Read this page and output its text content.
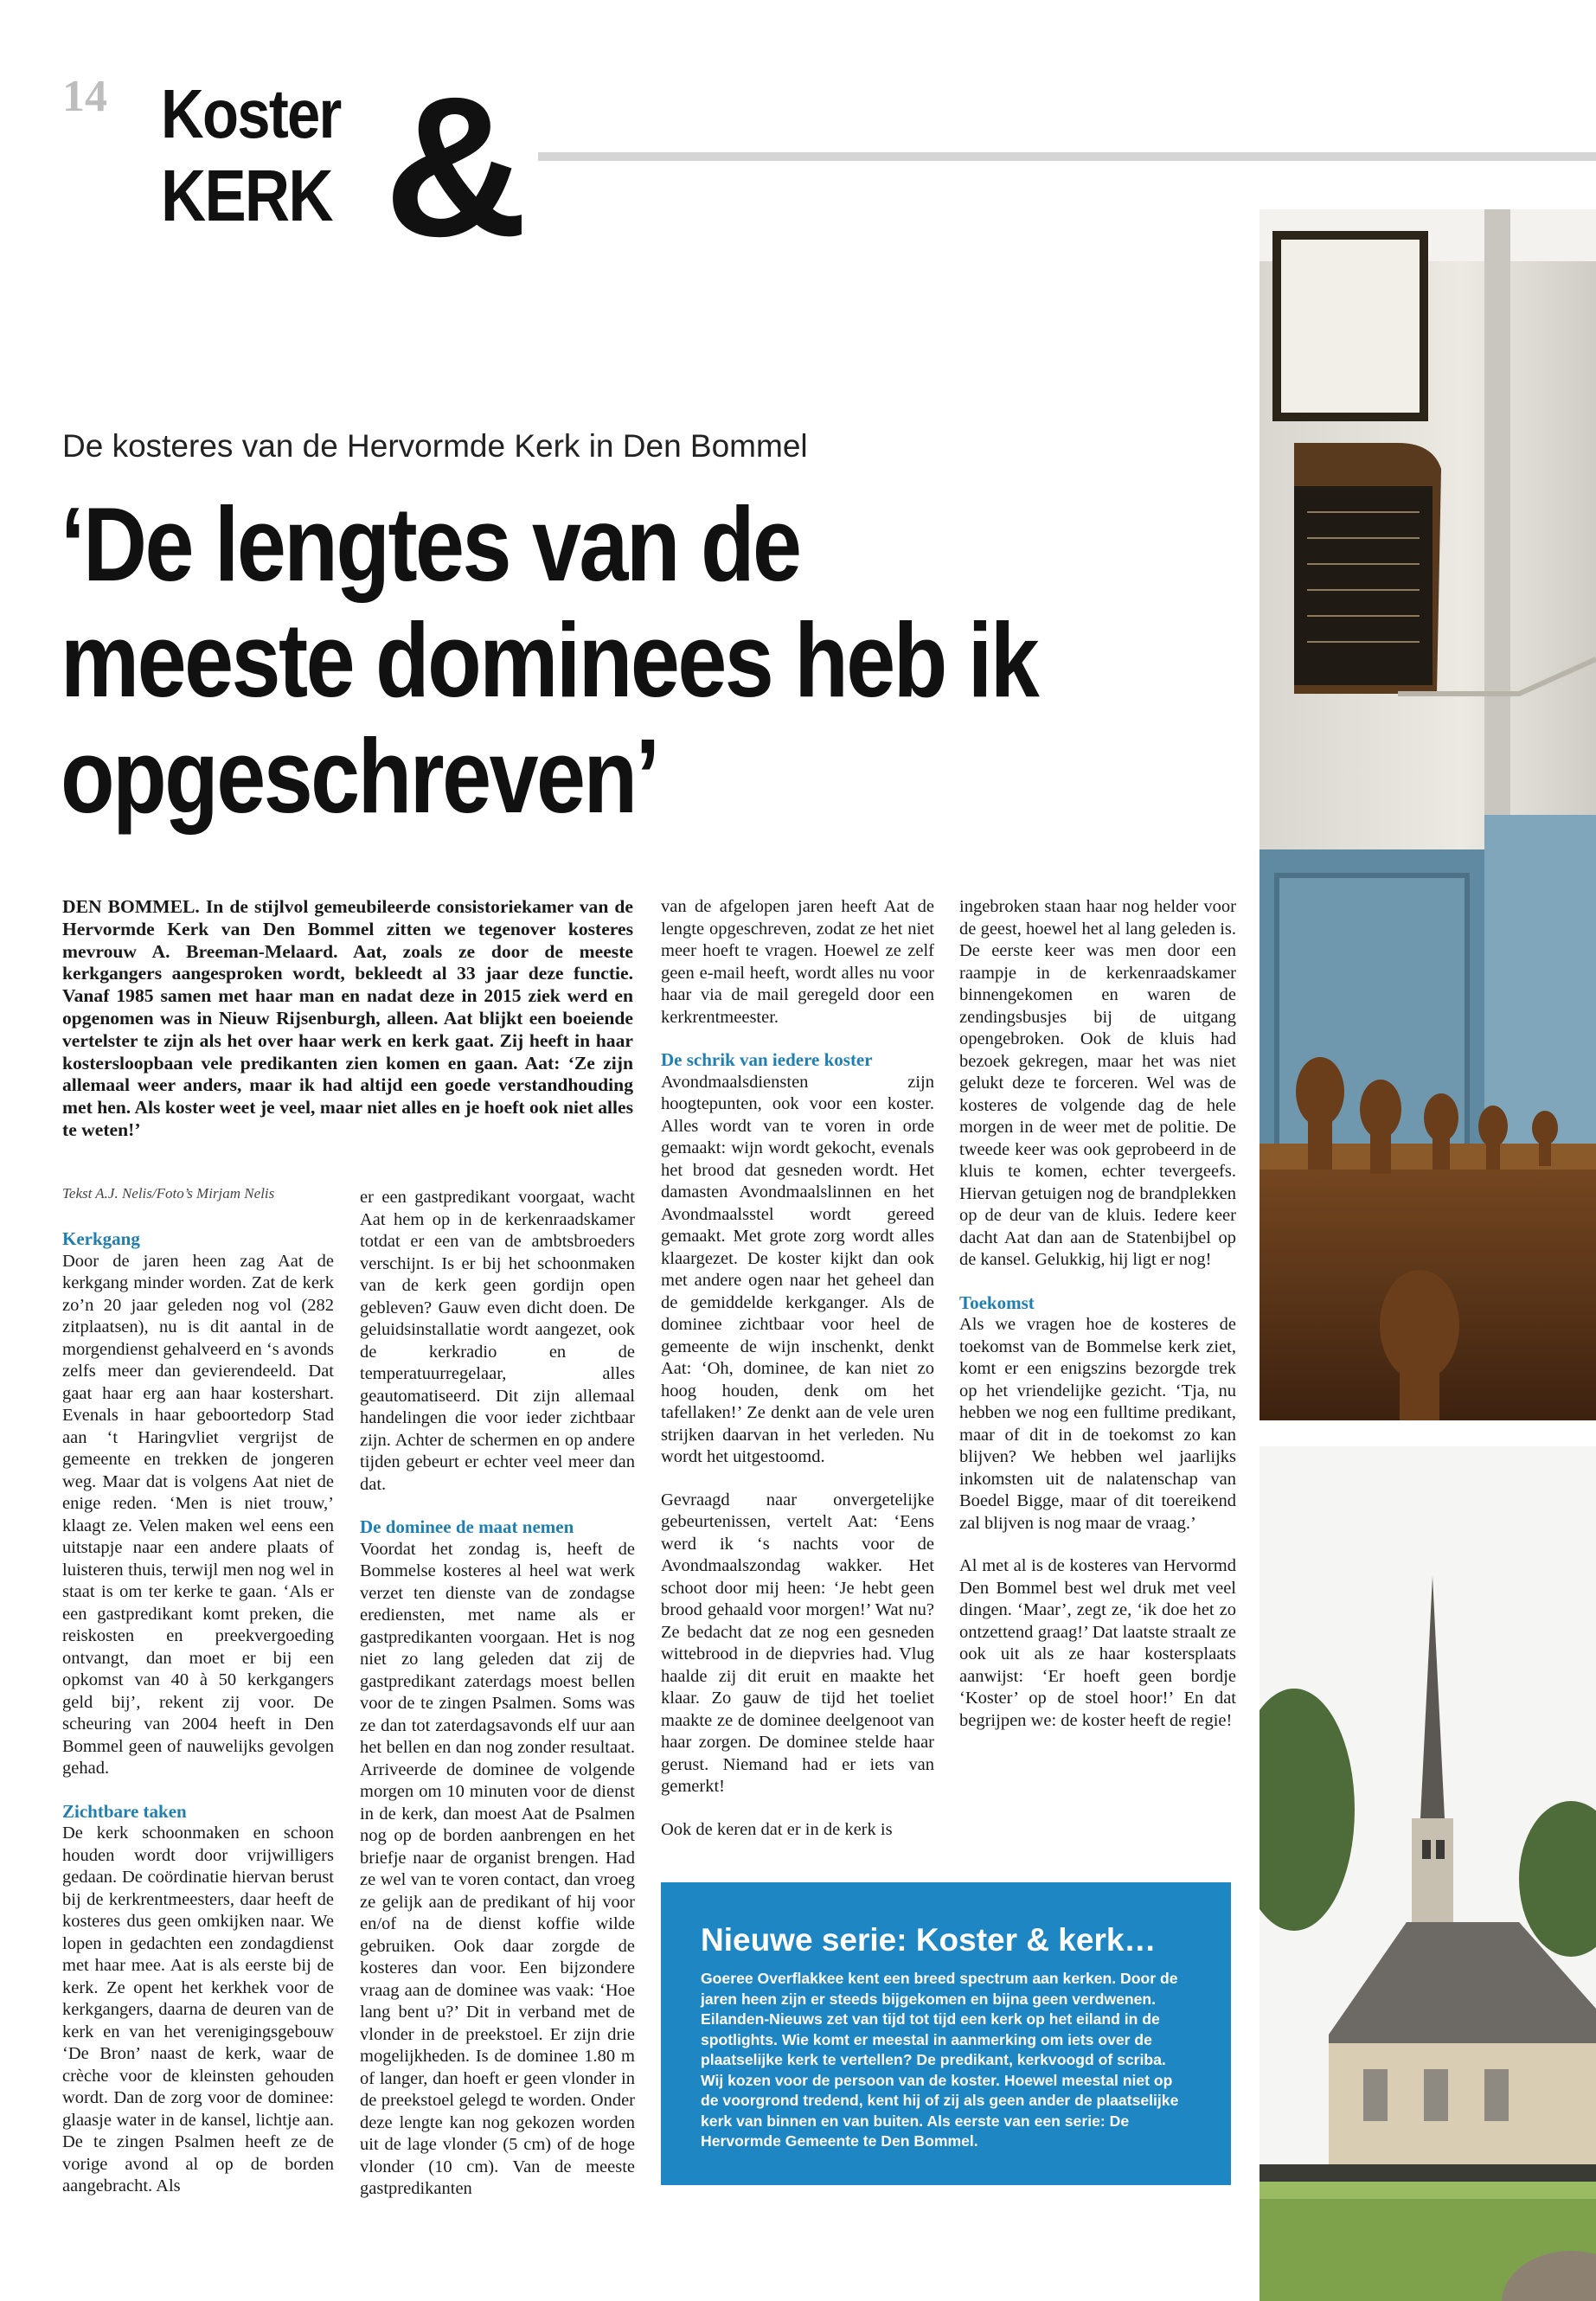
14 Koster
KERK &
De kosteres van de Hervormde Kerk in Den Bommel
‘De lengtes van de meeste dominees heb ik opgeschreven’
DEN BOMMEL. In de stijlvol gemeubileerde consistoriekamer van de Hervormde Kerk van Den Bommel zitten we tegenover kosteres mevrouw A. Breeman-Melaard. Aat, zoals ze door de meeste kerkgangers aangesproken wordt, bekleedt al 33 jaar deze functie. Vanaf 1985 samen met haar man en nadat deze in 2015 ziek werd en opgenomen was in Nieuw Rijsenburgh, alleen. Aat blijkt een boeiende vertelster te zijn als het over haar werk en kerk gaat. Zij heeft in haar kostersloopbaan vele predikanten zien komen en gaan. Aat: ‘Ze zijn allemaal weer anders, maar ik had altijd een goede verstandhouding met hen. Als koster weet je veel, maar niet alles en je hoeft ook niet alles te weten!’
Tekst A.J. Nelis/Foto’s Mirjam Nelis

Kerkgang

Door de jaren heen zag Aat de kerkgang minder worden. Zat de kerk zo’n 20 jaar geleden nog vol (282 zitplaatsen), nu is dit aantal in de morgendienst gehalveerd en ‘s avonds zelfs meer dan gevierendeeld. Dat gaat haar erg aan haar kostershart. Evenals in haar geboortedorp Stad aan ‘t Haringvliet vergrijst de gemeente en trekken de jongeren weg. Maar dat is volgens Aat niet de enige reden. ‘Men is niet trouw,’ klaagt ze. Velen maken wel eens een uitstapje naar een andere plaats of luisteren thuis, terwijl men nog wel in staat is om ter kerke te gaan. ‘Als er een gastpredikant komt preken, die reiskosten en preekvergoeding ontvangt, dan moet er bij een opkomst van 40 à 50 kerkgangers geld bij’, rekent zij voor. De scheuring van 2004 heeft in Den Bommel geen of nauwelijks gevolgen gehad.

Zichtbare taken

De kerk schoonmaken en schoon houden wordt door vrijwilligers gedaan. De coördinatie hiervan berust bij de kerkrentmeesters, daar heeft de kosteres dus geen omkijken naar. We lopen in gedachten een zondagdienst met haar mee. Aat is als eerste bij de kerk. Ze opent het kerkhek voor de kerkgangers, daarna de deuren van de kerk en van het verenigingsgebouw ‘De Bron’ naast de kerk, waar de crèche voor de kleinsten gehouden wordt. Dan de zorg voor de dominee: glaasje water in de kansel, lichtje aan. De te zingen Psalmen heeft ze de vorige avond al op de borden aangebracht. Als

er een gastpredikant voorgaat, wacht Aat hem op in de kerkenraadskamer totdat er een van de ambtsbroeders verschijnt. Is er bij het schoonmaken van de kerk geen gordijn open gebleven? Gauw even dicht doen. De geluidsinstallatie wordt aangezet, ook de kerkradio en de temperatuurregelaar, alles geautomatiseerd. Dit zijn allemaal handelingen die voor ieder zichtbaar zijn. Achter de schermen en op andere tijden gebeurt er echter veel meer dan dat.

De dominee de maat nemen

Voordat het zondag is, heeft de Bommelse kosteres al heel wat werk verzet ten dienste van de zondagse erediensten, met name als er gastpredikanten voorgaan. Het is nog niet zo lang geleden dat zij de gastpredikant zaterdags moest bellen voor de te zingen Psalmen. Soms was ze dan tot zaterdagsavonds elf uur aan het bellen en dan nog zonder resultaat. Arriveerde de dominee de volgende morgen om 10 minuten voor de dienst in de kerk, dan moest Aat de Psalmen nog op de borden aanbrengen en het briefje naar de organist brengen. Had ze wel van te voren contact, dan vroeg ze gelijk aan de predikant of hij voor en/of na de dienst koffie wilde gebruiken. Ook daar zorgde de kosteres dan voor. Een bijzondere vraag aan de dominee was vaak: ‘Hoe lang bent u?’ Dit in verband met de vlonder in de preekstoel. Er zijn drie mogelijkheden. Is de dominee 1.80 m of langer, dan hoeft er geen vlonder in de preekstoel gelegd te worden. Onder deze lengte kan nog gekozen worden uit de lage vlonder (5 cm) of de hoge vlonder (10 cm). Van de meeste gastpredikanten

van de afgelopen jaren heeft Aat de lengte opgeschreven, zodat ze het niet meer hoeft te vragen. Hoewel ze zelf geen e-mail heeft, wordt alles nu voor haar via de mail geregeld door een kerkrentmeester.

De schrik van iedere koster

Avondmaalsdiensten zijn hoogtepunten, ook voor een koster. Alles wordt van te voren in orde gemaakt: wijn wordt gekocht, evenals het brood dat gesneden wordt. Het damasten Avondmaalslinnen en het Avondmaalsstel wordt gereed gemaakt. Met grote zorg wordt alles klaargezet. De koster kijkt dan ook met andere ogen naar het geheel dan de gemiddelde kerkganger. Als de dominee zichtbaar voor heel de gemeente de wijn inschenkt, denkt Aat: ‘Oh, dominee, de kan niet zo hoog houden, denk om het tafellaken!’ Ze denkt aan de vele uren strijken daarvan in het verleden. Nu wordt het uitgestoomd.

Gevraagd naar onvergetelijke gebeurtenissen, vertelt Aat: ‘Eens werd ik ‘s nachts voor de Avondmaalszondag wakker. Het schoot door mij heen: ‘Je hebt geen brood gehaald voor morgen!’ Wat nu? Ze bedacht dat ze nog een gesneden wittebrood in de diepvries had. Vlug haalde zij dit eruit en maakte het klaar. Zo gauw de tijd het toeliet maakte ze de dominee deelgenoot van haar zorgen. De dominee stelde haar gerust. Niemand had er iets van gemerkt!

Ook de keren dat er in de kerk is

ingebroken staan haar nog helder voor de geest, hoewel het al lang geleden is. De eerste keer was men door een raampje in de kerkenraadskamer binnengekomen en waren de zendingsbusjes bij de uitgang opengebroken. Ook de kluis had bezoek gekregen, maar het was niet gelukt deze te forceren. Wel was de kosteres de volgende dag de hele morgen in de weer met de politie. De tweede keer was ook geprobeerd in de kluis te komen, echter tevergeefs. Hiervan getuigen nog de brandplekken op de deur van de kluis. Iedere keer dacht Aat dan aan de Statenbijbel op de kansel. Gelukkig, hij ligt er nog!

Toekomst

Als we vragen hoe de kosteres de toekomst van de Bommelse kerk ziet, komt er een enigszins bezorgde trek op het vriendelijke gezicht. ‘Tja, nu hebben we nog een fulltime predikant, maar of dit in de toekomst zo kan blijven? We hebben wel jaarlijks inkomsten uit de nalatenschap van Boedel Bigge, maar of dit toereikend zal blijven is nog maar de vraag.’

Al met al is de kosteres van Hervormd Den Bommel best wel druk met veel dingen. ‘Maar’, zegt ze, ‘ik doe het zo ontzettend graag!’ Dat laatste straalt ze ook uit als ze haar kostersplaats aanwijst: ‘Er hoeft geen bordje ‘Koster’ op de stoel hoor!’ En dat begrijpen we: de koster heeft de regie!

Nieuwe serie: Koster & kerk…
Goeree Overflakkee kent een breed spectrum aan kerken. Door de jaren heen zijn er steeds bijgekomen en bijna geen verdwenen. Eilanden-Nieuws zet van tijd tot tijd een kerk op het eiland in de spotlights. Wie komt er meestal in aanmerking om iets over de plaatselijke kerk te vertellen? De predikant, kerkvoogd of scriba. Wij kozen voor de persoon van de koster. Hoewel meestal niet op de voorgrond tredend, kent hij of zij als geen ander de plaatselijke kerk van binnen en van buiten. Als eerste van een serie: De Hervormde Gemeente te Den Bommel.
